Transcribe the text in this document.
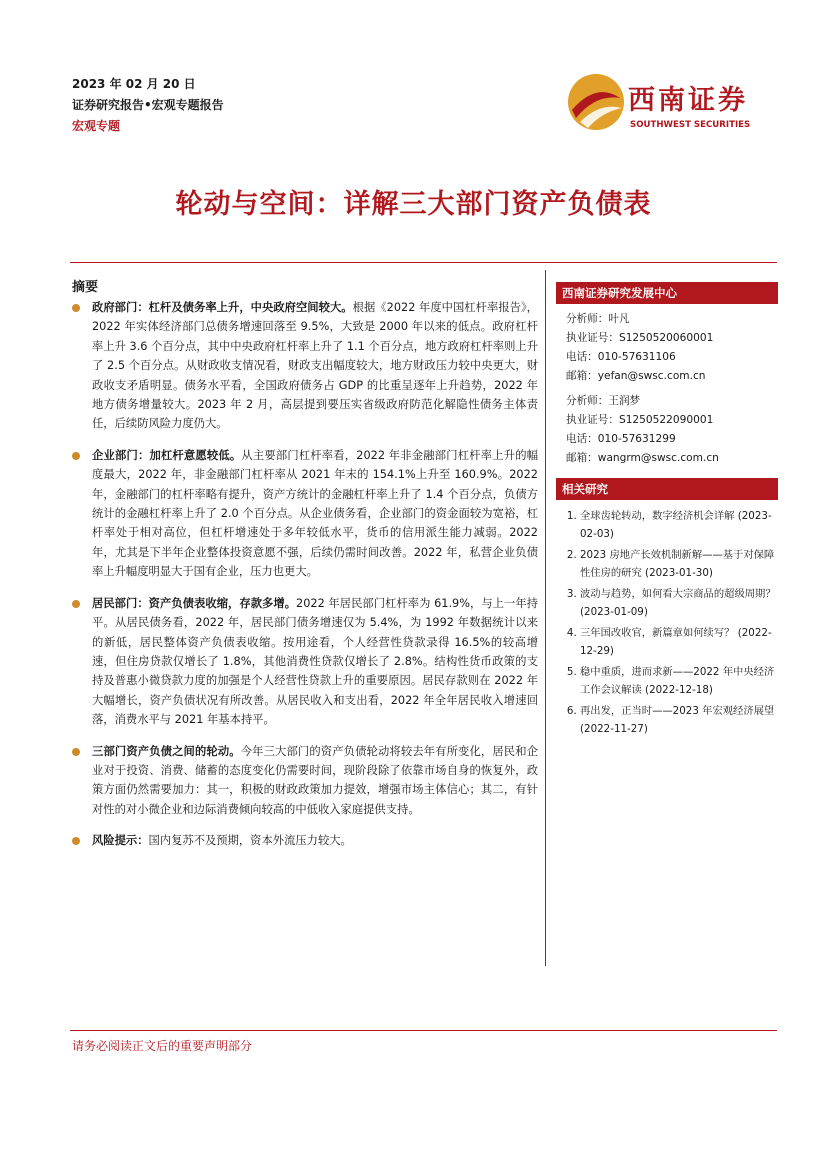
2023 年 02 月 20 日
证券研究报告•宏观专题报告
宏观专题
西南证券
SOUTHWEST SECURITIES
轮动与空间：详解三大部门资产负债表
摘要
政府部门：杠杆及债务率上升，中央政府空间较大。根据《2022 年度中国杠杆率报告》，2022 年实体经济部门总债务增速回落至 9.5%，大致是 2000 年以来的低点。政府杠杆率上升 3.6 个百分点，其中中央政府杠杆率上升了 1.1 个百分点，地方政府杠杆率则上升了 2.5 个百分点。从财政收支情况看，财政支出幅度较大，地方财政压力较中央更大，财政收支矛盾明显。债务水平看，全国政府债务占 GDP 的比重呈逐年上升趋势，2022 年地方债务增量较大。2023 年 2 月，高层提到要压实省级政府防范化解隐性债务主体责任，后续防风险力度仍大。
企业部门：加杠杆意愿较低。从主要部门杠杆率看，2022 年非金融部门杠杆率上升的幅度最大，2022 年，非金融部门杠杆率从 2021 年末的 154.1%上升至 160.9%。2022 年，金融部门的杠杆率略有提升，资产方统计的金融杠杆率上升了 1.4 个百分点，负债方统计的金融杠杆率上升了 2.0 个百分点。从企业债务看，企业部门的资金面较为宽裕，杠杆率处于相对高位，但杠杆增速处于多年较低水平，货币的信用派生能力减弱。2022 年，尤其是下半年企业整体投资意愿不强，后续仍需时间改善。2022 年，私营企业负债率上升幅度明显大于国有企业，压力也更大。
居民部门：资产负债表收缩，存款多增。2022 年居民部门杠杆率为 61.9%，与上一年持平。从居民债务看，2022 年，居民部门债务增速仅为 5.4%，为 1992 年数据统计以来的新低，居民整体资产负债表收缩。按用途看，个人经营性贷款录得 16.5%的较高增速，但住房贷款仅增长了 1.8%，其他消费性贷款仅增长了 2.8%。结构性货币政策的支持及普惠小微贷款力度的加强是个人经营性贷款上升的重要原因。居民存款则在 2022 年大幅增长，资产负债状况有所改善。从居民收入和支出看，2022 年全年居民收入增速回落，消费水平与 2021 年基本持平。
三部门资产负债之间的轮动。今年三大部门的资产负债轮动将较去年有所变化，居民和企业对于投资、消费、储蓄的态度变化仍需要时间，现阶段除了依靠市场自身的恢复外，政策方面仍然需要加力：其一，积极的财政政策加力提效，增强市场主体信心；其二，有针对性的对小微企业和边际消费倾向较高的中低收入家庭提供支持。
风险提示：国内复苏不及预期，资本外流压力较大。
西南证券研究发展中心
分析师：叶凡
执业证号：S1250520060001
电话：010-57631106
邮箱：yefan@swsc.com.cn
分析师：王润梦
执业证号：S1250522090001
电话：010-57631299
邮箱：wangrm@swsc.com.cn
相关研究
1. 全球齿轮转动，数字经济机会详解 (2023-02-03)
2. 2023 房地产长效机制新解——基于对保障性住房的研究 (2023-01-30)
3. 波动与趋势，如何看大宗商品的超级周期？ (2023-01-09)
4. 三年国改收官，新篇章如何续写？ (2022-12-29)
5. 稳中重质，进而求新——2022 年中央经济工作会议解读 (2022-12-18)
6. 再出发，正当时——2023 年宏观经济展望 (2022-11-27)
请务必阅读正文后的重要声明部分
